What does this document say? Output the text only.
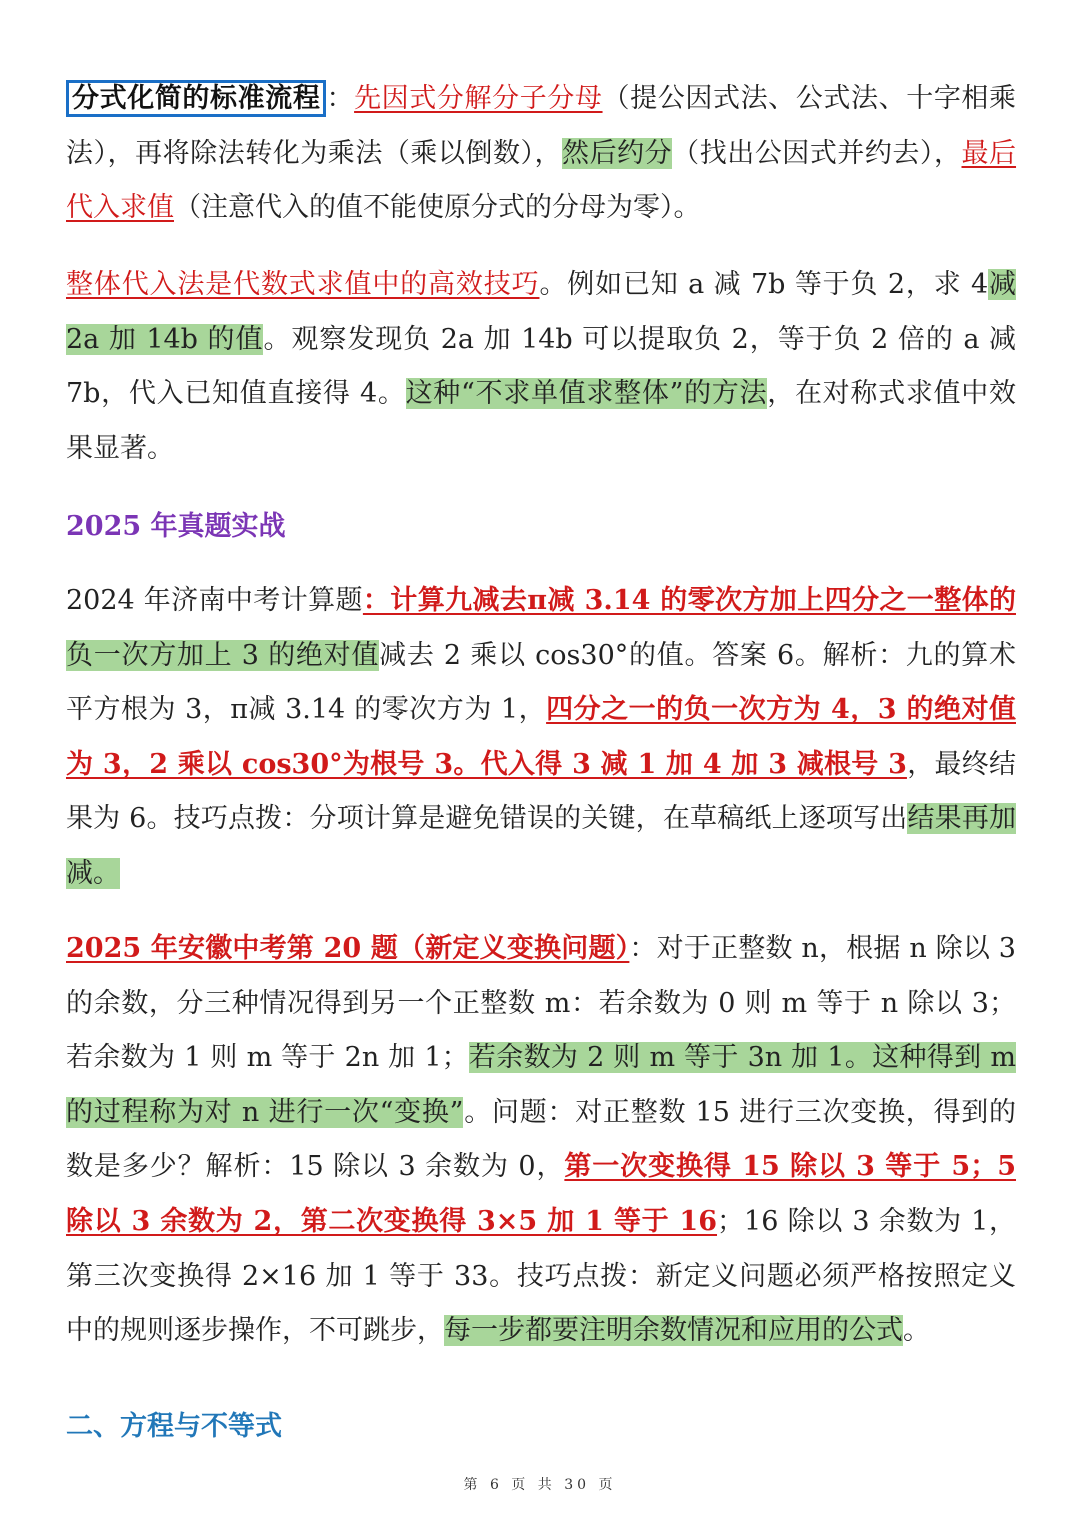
分式化简的标准流程 ：先因式分解分子分母（提公因式法、公式法、十字相乘法），再将除法转化为乘法（乘以倒数），然后约分（找出公因式并约去），最后代入求值（注意代入的值不能使原分式的分母为零）。

整体代入法是代数式求值中的高效技巧。例如已知 a 减 7b 等于负 2，求 4减 2a 加 14b 的值。观察发现负 2a 加 14b 可以提取负 2，等于负 2 倍的 a 减 7b，代入已知值直接得 4。这种“不求单值求整体”的方法，在对称式求值中效果显著。

2025 年真题实战

2024 年济南中考计算题：计算九减去π减 3.14 的零次方加上四分之一整体的负一次方加上 3 的绝对值减去 2 乘以 cos30°的值。答案 6。解析：九的算术平方根为 3，π减 3.14 的零次方为 1，四分之一的负一次方为 4，3 的绝对值为 3，2 乘以 cos30°为根号 3。代入得 3 减 1 加 4 加 3 减根号 3，最终结果为 6。技巧点拨：分项计算是避免错误的关键，在草稿纸上逐项写出结果再加减。

2025 年安徽中考第 20 题（新定义变换问题）：对于正整数 n，根据 n 除以 3 的余数，分三种情况得到另一个正整数 m：若余数为 0 则 m 等于 n 除以 3；若余数为 1 则 m 等于 2n 加 1；若余数为 2 则 m 等于 3n 加 1。这种得到 m 的过程称为对 n 进行一次“变换”。问题：对正整数 15 进行三次变换，得到的数是多少？解析：15 除以 3 余数为 0，第一次变换得 15 除以 3 等于 5；5 除以 3 余数为 2，第二次变换得 3×5 加 1 等于 16；16 除以 3 余数为 1，第三次变换得 2×16 加 1 等于 33。技巧点拨：新定义问题必须严格按照定义中的规则逐步操作，不可跳步，每一步都要注明余数情况和应用的公式。

二、方程与不等式
第 6 页 共 30 页
